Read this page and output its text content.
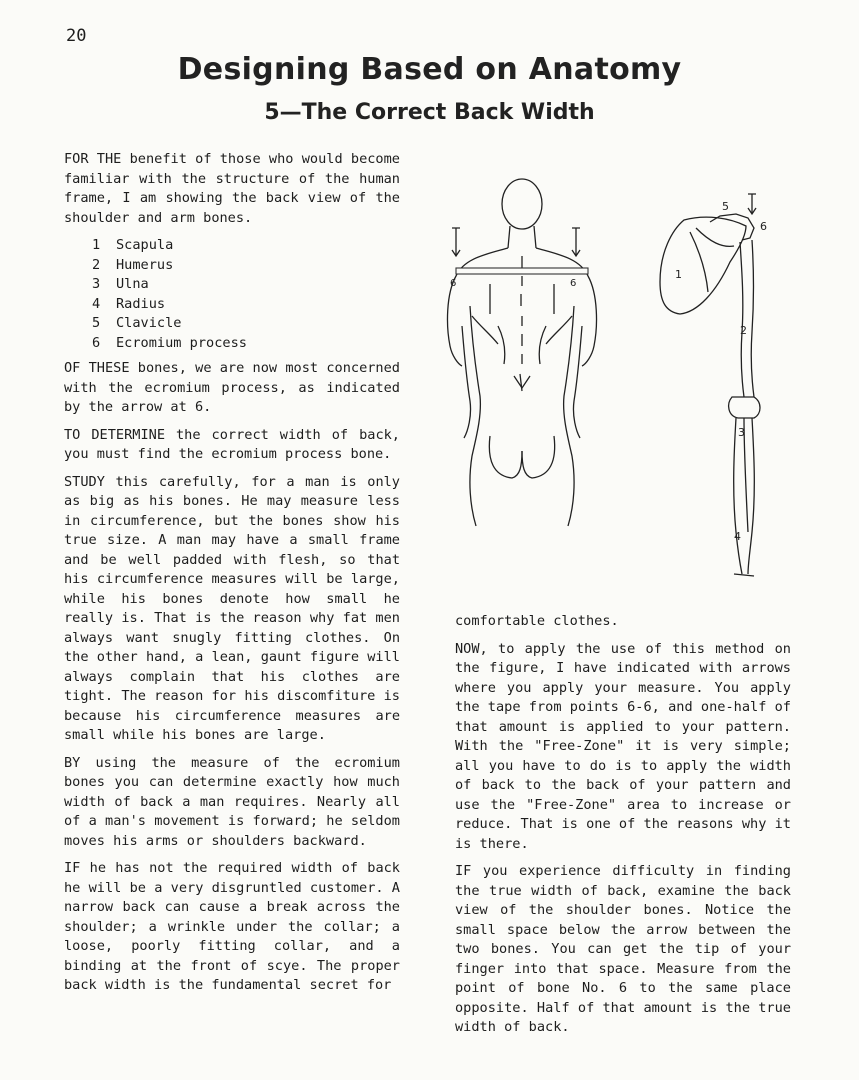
20
Designing Based on Anatomy
5—The Correct Back Width

FOR THE benefit of those who would become familiar with the structure of the human frame, I am showing the back view of the shoulder and arm bones.

1 Scapula
2 Humerus
3 Ulna
4 Radius
5 Clavicle
6 Ecromium process

OF THESE bones, we are now most concerned with the ecromium process, as indicated by the arrow at 6.

TO DETERMINE the correct width of back, you must find the ecromium process bone.

STUDY this carefully, for a man is only as big as his bones. He may measure less in circumference, but the bones show his true size. A man may have a small frame and be well padded with flesh, so that his circumference measures will be large, while his bones denote how small he really is. That is the reason why fat men always want snugly fitting clothes. On the other hand, a lean, gaunt figure will always complain that his clothes are tight. The reason for his discomfiture is because his circumference measures are small while his bones are large.

BY using the measure of the ecromium bones you can determine exactly how much width of back a man requires. Nearly all of a man's movement is forward; he seldom moves his arms or shoulders backward.

IF he has not the required width of back he will be a very disgruntled customer. A narrow back can cause a break across the shoulder; a wrinkle under the collar; a loose, poorly fitting collar, and a binding at the front of scye. The proper back width is the fundamental secret for

comfortable clothes.

NOW, to apply the use of this method on the figure, I have indicated with arrows where you apply your measure. You apply the tape from points 6-6, and one-half of that amount is applied to your pattern. With the "Free-Zone" it is very simple; all you have to do is to apply the width of back to the back of your pattern and use the "Free-Zone" area to increase or reduce. That is one of the reasons why it is there.

IF you experience difficulty in finding the true width of back, examine the back view of the shoulder bones. Notice the small space below the arrow between the two bones. You can get the tip of your finger into that space. Measure from the point of bone No. 6 to the same place opposite. Half of that amount is the true width of back.

6	6
1
2
3
4
5
6
